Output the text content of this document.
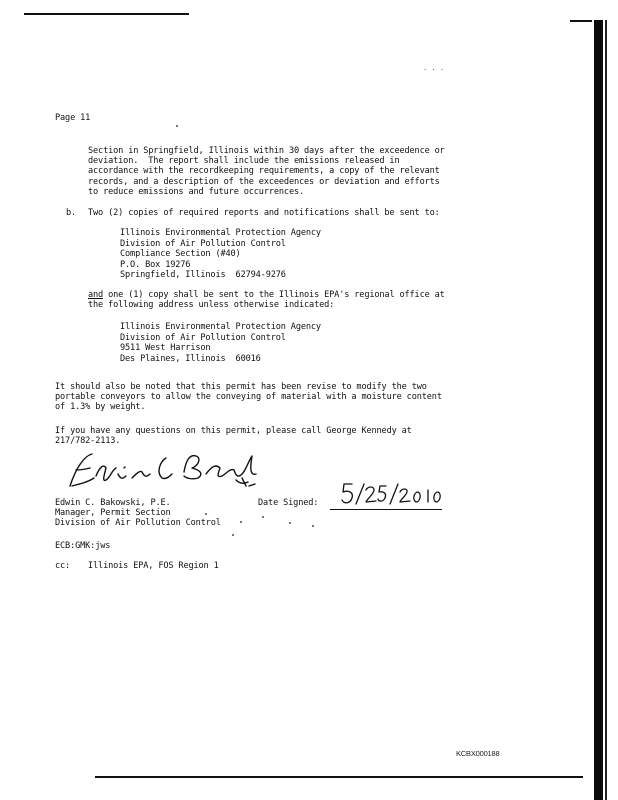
· · ·
Page 11
Section in Springfield, Illinois within 30 days after the exceedence or
deviation.  The report shall include the emissions released in
accordance with the recordkeeping requirements, a copy of the relevant
records, and a description of the exceedences or deviation and efforts
to reduce emissions and future occurrences.
b. Two (2) copies of required reports and notifications shall be sent to:
Illinois Environmental Protection Agency
Division of Air Pollution Control
Compliance Section (#40)
P.O. Box 19276
Springfield, Illinois  62794-9276
and one (1) copy shall be sent to the Illinois EPA's regional office at
the following address unless otherwise indicated:
Illinois Environmental Protection Agency
Division of Air Pollution Control
9511 West Harrison
Des Plaines, Illinois  60016
It should also be noted that this permit has been revise to modify the two
portable conveyors to allow the conveying of material with a moisture content
of 1.3% by weight.
If you have any questions on this permit, please call George Kennedy at
217/782-2113.
Edwin C. Bakowski, P.E.
Manager, Permit Section
Division of Air Pollution Control
Date Signed:
ECB:GMK:jws
cc: Illinois EPA, FOS Region 1
KCBX000188
